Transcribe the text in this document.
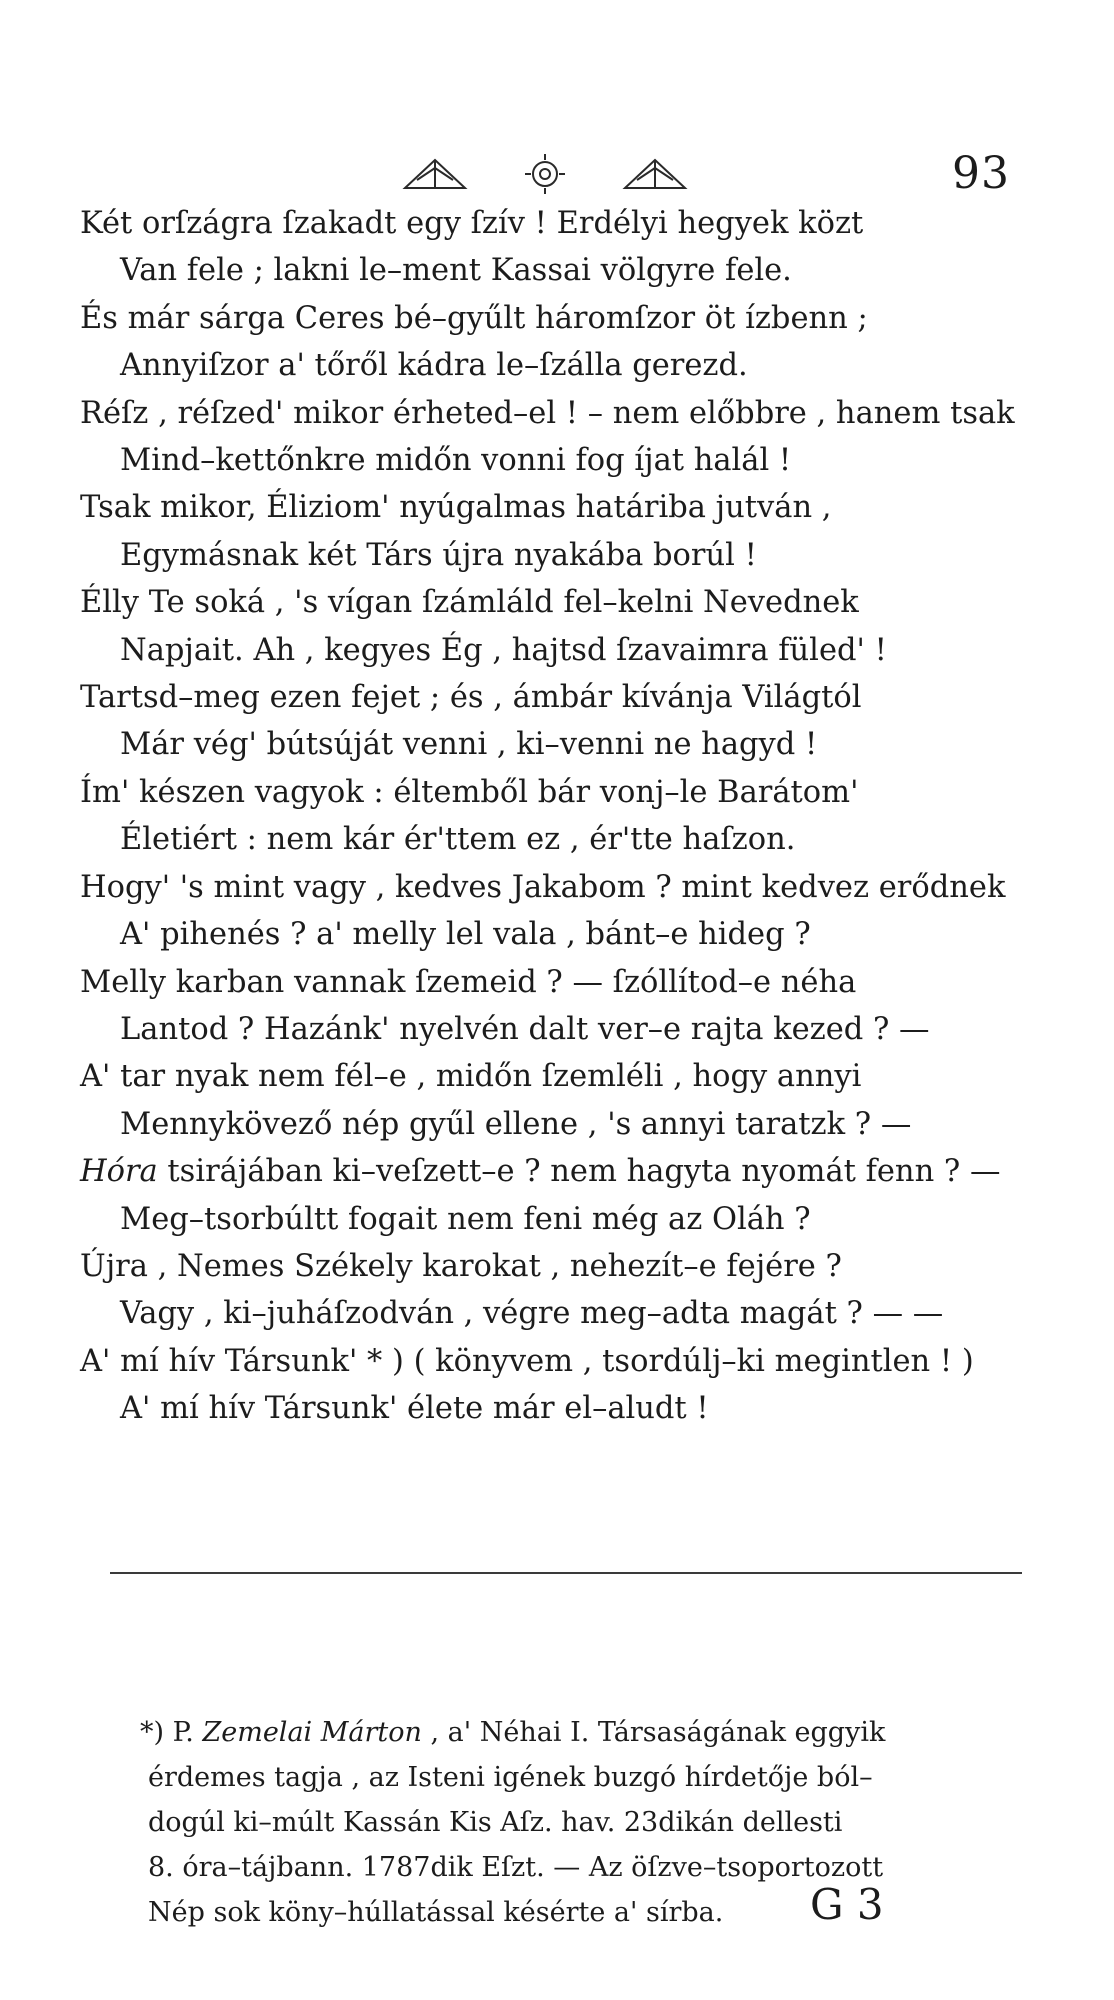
93
Két orſzágra ſzakadt egy ſzív ! Erdélyi hegyek közt
Van fele ; lakni le–ment Kassai völgyre fele.
És már sárga Ceres bé–gyűlt háromſzor öt ízbenn ;
Annyiſzor a' tőről kádra le–ſzálla gerezd.
Réſz , réſzed' mikor érheted–el ! – nem előbbre , hanem tsak
Mind–kettőnkre midőn vonni fog íjat halál !
Tsak mikor, Éliziom' nyúgalmas határiba jutván ,
Egymásnak két Társ újra nyakába borúl !
Élly Te soká , 's vígan ſzámláld fel–kelni Nevednek
Napjait. Ah , kegyes Ég , hajtsd ſzavaimra füled' !
Tartsd–meg ezen fejet ; és , ámbár kívánja Világtól
Már vég' bútsúját venni , ki–venni ne hagyd !
Ím' készen vagyok : éltemből bár vonj–le Barátom'
Életiért : nem kár ér'ttem ez , ér'tte haſzon.
Hogy' 's mint vagy , kedves Jakabom ? mint kedvez erődnek
A' pihenés ? a' melly lel vala , bánt–e hideg ?
Melly karban vannak ſzemeid ? — ſzóllítod–e néha
Lantod ? Hazánk' nyelvén dalt ver–e rajta kezed ? —
A' tar nyak nem fél–e , midőn ſzemléli , hogy annyi
Mennykövező nép gyűl ellene , 's annyi taratzk ? —
Hóra tsirájában ki–veſzett–e ? nem hagyta nyomát fenn ? —
Meg–tsorbúltt fogait nem feni még az Oláh ?
Újra , Nemes Székely karokat , nehezít–e fejére ?
Vagy , ki–juháſzodván , végre meg–adta magát ? — —
A' mí hív Társunk' * ) ( könyvem , tsordúlj–ki megintlen ! )
A' mí hív Társunk' élete már el–aludt !
*) P. Zemelai Márton , a' Néhai I. Társaságának eggyik
érdemes tagja , az Isteni igének buzgó hírdetője ból–
dogúl ki–múlt Kassán Kis Aſz. hav. 23dikán dellesti
8. óra–tájbann. 1787dik Eſzt. — Az öſzve–tsoportozott
Nép sok köny–húllatással késérte a' sírba.	G 3
